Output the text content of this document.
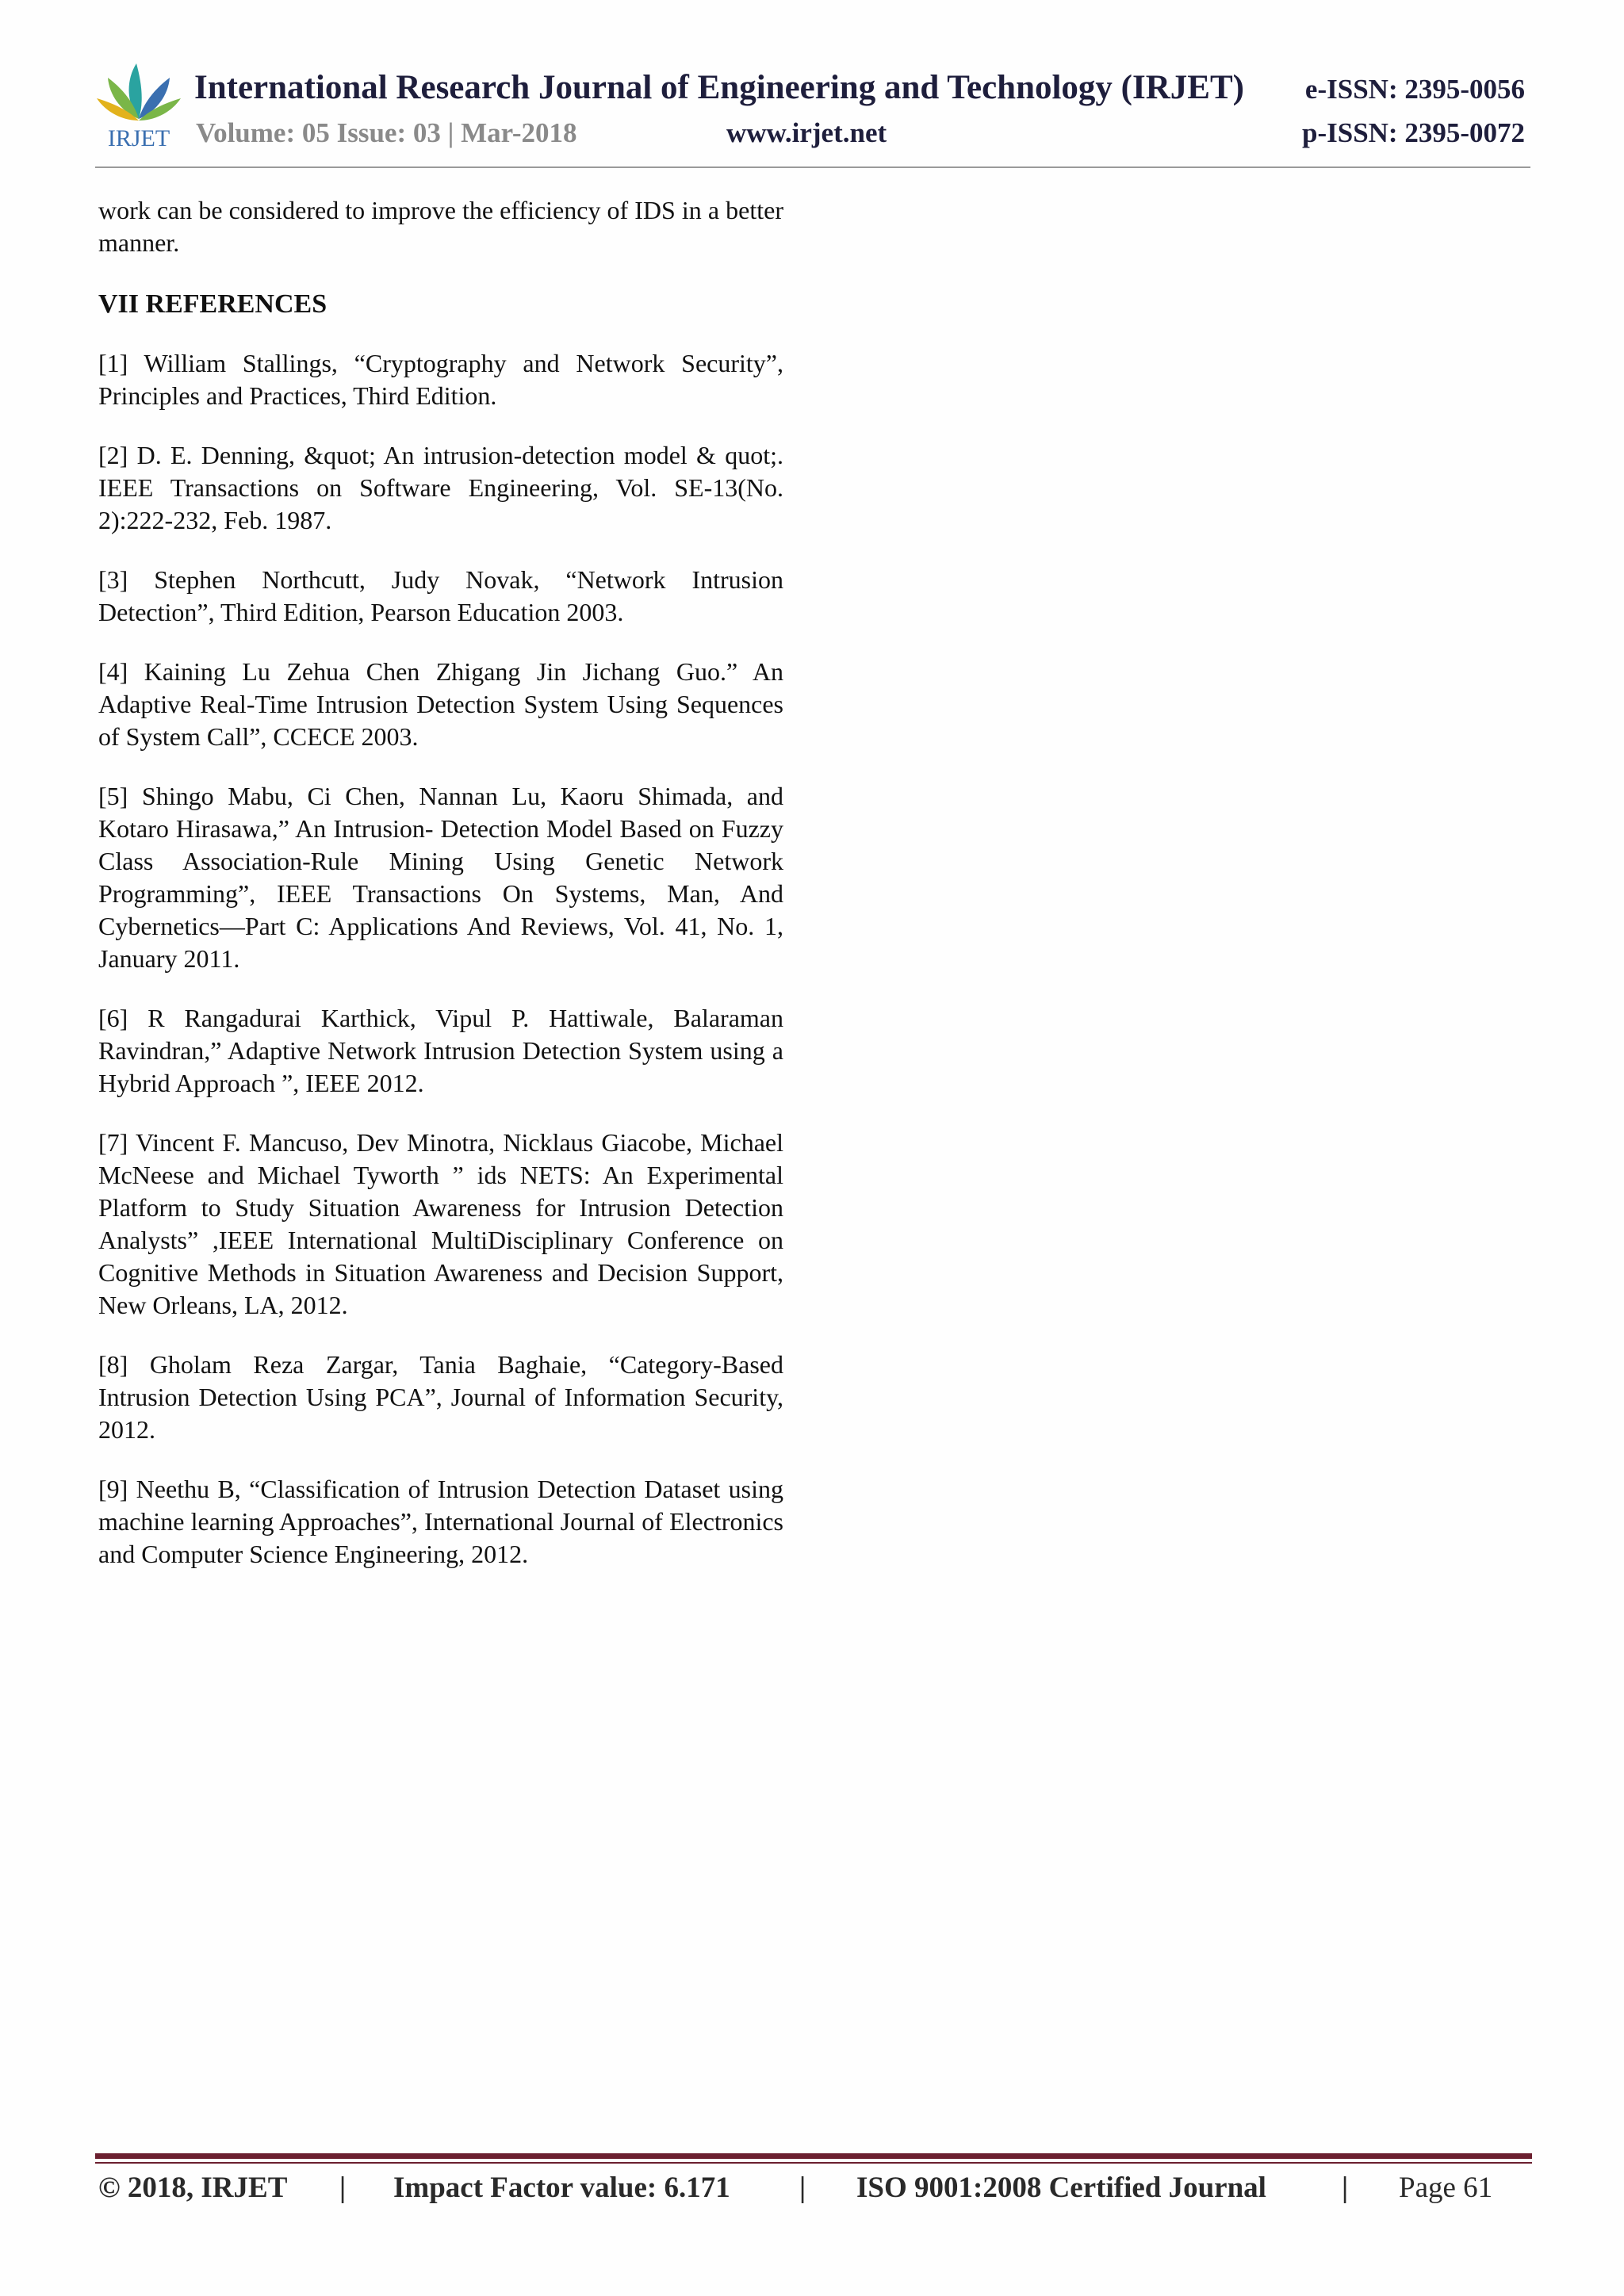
IRJET
International Research Journal of Engineering and Technology (IRJET)
Volume: 05 Issue: 03 | Mar-2018	www.irjet.net
e-ISSN: 2395-0056
p-ISSN: 2395-0072

work can be considered to improve the efficiency of IDS in a better manner.

VII REFERENCES

[1] William Stallings, “Cryptography and Network Security”, Principles and Practices, Third Edition.

[2] D. E. Denning, &quot; An intrusion-detection model & quot;. IEEE Transactions on Software Engineering, Vol. SE-13(No. 2):222-232, Feb. 1987.

[3] Stephen Northcutt, Judy Novak, “Network Intrusion Detection”, Third Edition, Pearson Education 2003.

[4] Kaining Lu Zehua Chen Zhigang Jin Jichang Guo.” An Adaptive Real-Time Intrusion Detection System Using Sequences of System Call”, CCECE 2003.

[5] Shingo Mabu, Ci Chen, Nannan Lu, Kaoru Shimada, and Kotaro Hirasawa,” An Intrusion- Detection Model Based on Fuzzy Class Association-Rule Mining Using Genetic Network Programming”, IEEE Transactions On Systems, Man, And Cybernetics—Part C: Applications And Reviews, Vol. 41, No. 1, January 2011.

[6] R Rangadurai Karthick, Vipul P. Hattiwale, Balaraman Ravindran,” Adaptive Network Intrusion Detection System using a Hybrid Approach ”, IEEE 2012.

[7] Vincent F. Mancuso, Dev Minotra, Nicklaus Giacobe, Michael McNeese and Michael Tyworth ” ids NETS: An Experimental Platform to Study Situation Awareness for Intrusion Detection Analysts” ,IEEE International MultiDisciplinary Conference on Cognitive Methods in Situation Awareness and Decision Support, New Orleans, LA, 2012.

[8] Gholam Reza Zargar, Tania Baghaie, “Category-Based Intrusion Detection Using PCA”, Journal of Information Security, 2012.

[9] Neethu B, “Classification of Intrusion Detection Dataset using machine learning Approaches”, International Journal of Electronics and Computer Science Engineering, 2012.

© 2018, IRJET | Impact Factor value: 6.171 | ISO 9001:2008 Certified Journal	| Page 61
